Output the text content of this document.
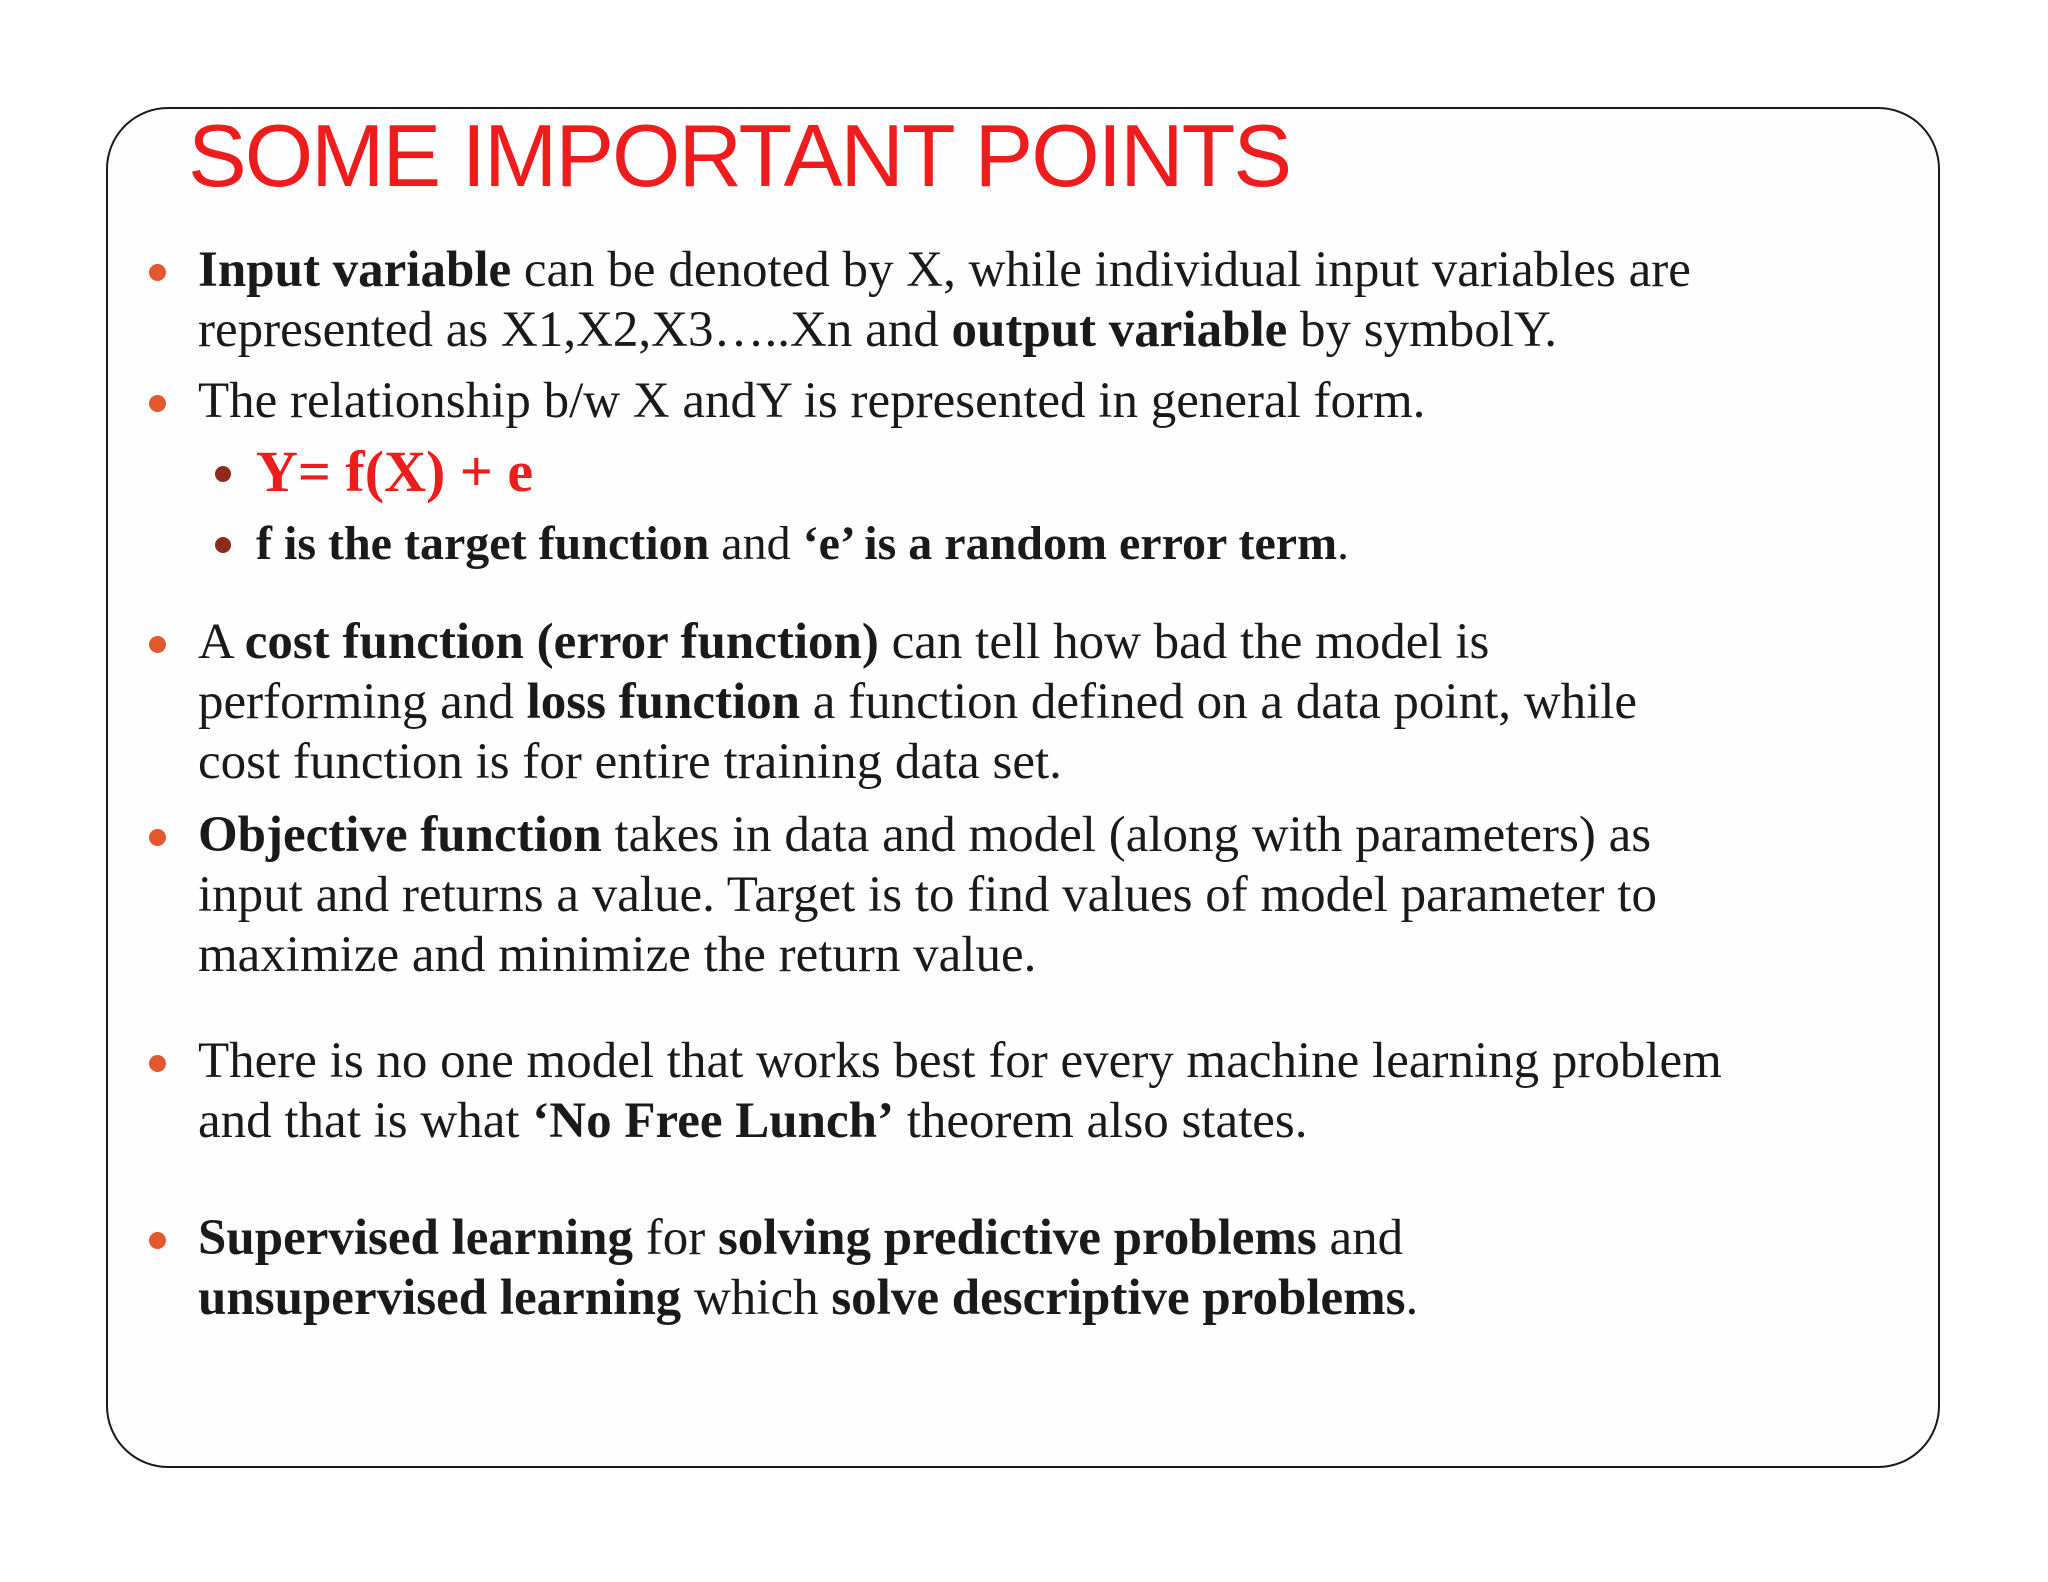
SOME IMPORTANT POINTS
Input variable can be denoted by X, while individual input variables are
represented as X1,X2,X3…..Xn and output variable by symbolY.
The relationship b/w X andY is represented in general form.
Y= f(X) + e
f is the target function and ‘e’ is a random error term.
A cost function (error function) can tell how bad the model is
performing and loss function a function defined on a data point, while
cost function is for entire training data set.
Objective function takes in data and model (along with parameters) as
input and returns a value. Target is to find values of model parameter to
maximize and minimize the return value.
There is no one model that works best for every machine learning problem
and that is what ‘No Free Lunch’ theorem also states.
Supervised learning for solving predictive problems and
unsupervised learning which solve descriptive problems.
